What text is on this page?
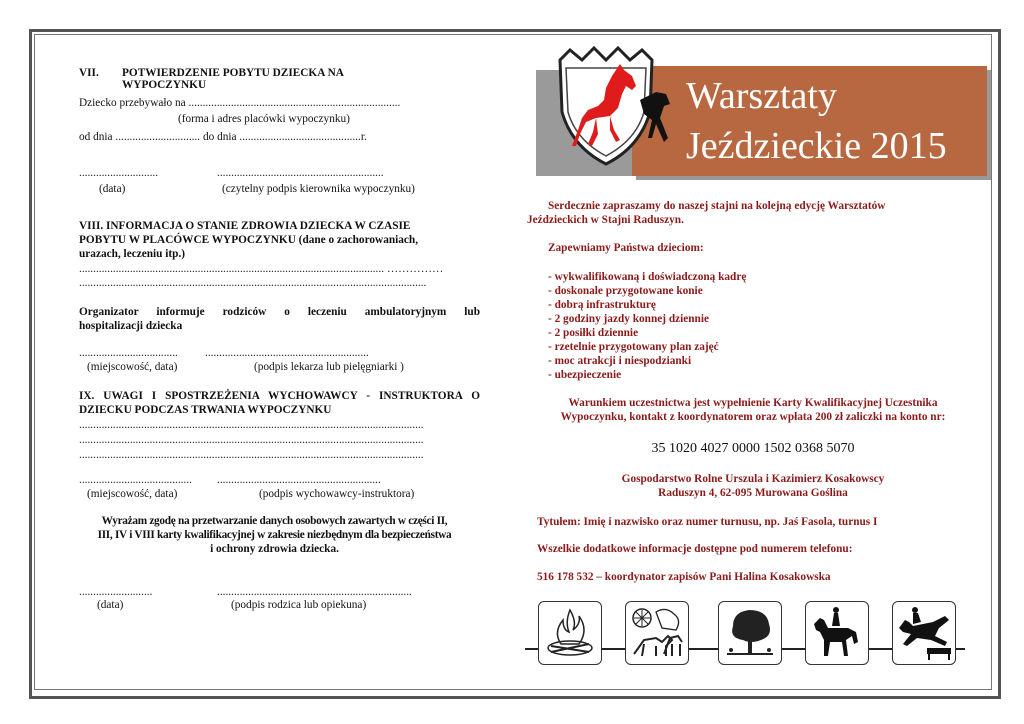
VII. POTWIERDZENIE POBYTU DZIECKA NA
WYPOCZYNKU
Dziecko przebywało na ...........................................................................
(forma i adres placówki wypoczynku)
od dnia .............................. do dnia ...........................................r.
............................	...........................................................
(data)	(czytelny podpis kierownika wypoczynku)
VIII. INFORMACJA O STANIE ZDROWIA DZIECKA W CZASIE
POBYTU W PLACÓWCE WYPOCZYNKU (dane o zachorowaniach,
urazach, leczeniu itp.)
............................................................................................................ ……………
...........................................................................................................................
Organizator informuje rodziców o leczeniu ambulatoryjnym lub
hospitalizacji dziecka
................................... ..........................................................
(miejscowość, data)	(podpis lekarza lub pielęgniarki )
IX. UWAGI I SPOSTRZEŻENIA WYCHOWAWCY - INSTRUKTORA O
DZIECKU PODCZAS TRWANIA WYPOCZYNKU
..........................................................................................................................
..........................................................................................................................
..........................................................................................................................
........................................ ..........................................................
(miejscowość, data)	(podpis wychowawcy-instruktora)
Wyrażam zgodę na przetwarzanie danych osobowych zawartych w części II,
III, IV i VIII karty kwalifikacyjnej w zakresie niezbędnym dla bezpieczeństwa
i ochrony zdrowia dziecka.
..........................	.....................................................................
(data)	(podpis rodzica lub opiekuna)
Warsztaty
Jeździeckie 2015
Serdecznie zapraszamy do naszej stajni na kolejną edycję Warsztatów
Jeździeckich w Stajni Raduszyn.
Zapewniamy Państwa dzieciom:
- wykwalifikowaną i doświadczoną kadrę
- doskonale przygotowane konie
- dobrą infrastrukturę
- 2 godziny jazdy konnej dziennie
- 2 posiłki dziennie
- rzetelnie przygotowany plan zajęć
- moc atrakcji i niespodzianki
- ubezpieczenie
Warunkiem uczestnictwa jest wypełnienie Karty Kwalifikacyjnej Uczestnika
Wypoczynku, kontakt z koordynatorem oraz wpłata 200 zł zaliczki na konto nr:
35 1020 4027 0000 1502 0368 5070
Gospodarstwo Rolne Urszula i Kazimierz Kosakowscy
Raduszyn 4, 62-095 Murowana Goślina
Tytułem: Imię i nazwisko oraz numer turnusu, np. Jaś Fasola, turnus I
Wszelkie dodatkowe informacje dostępne pod numerem telefonu:
516 178 532 – koordynator zapisów Pani Halina Kosakowska
